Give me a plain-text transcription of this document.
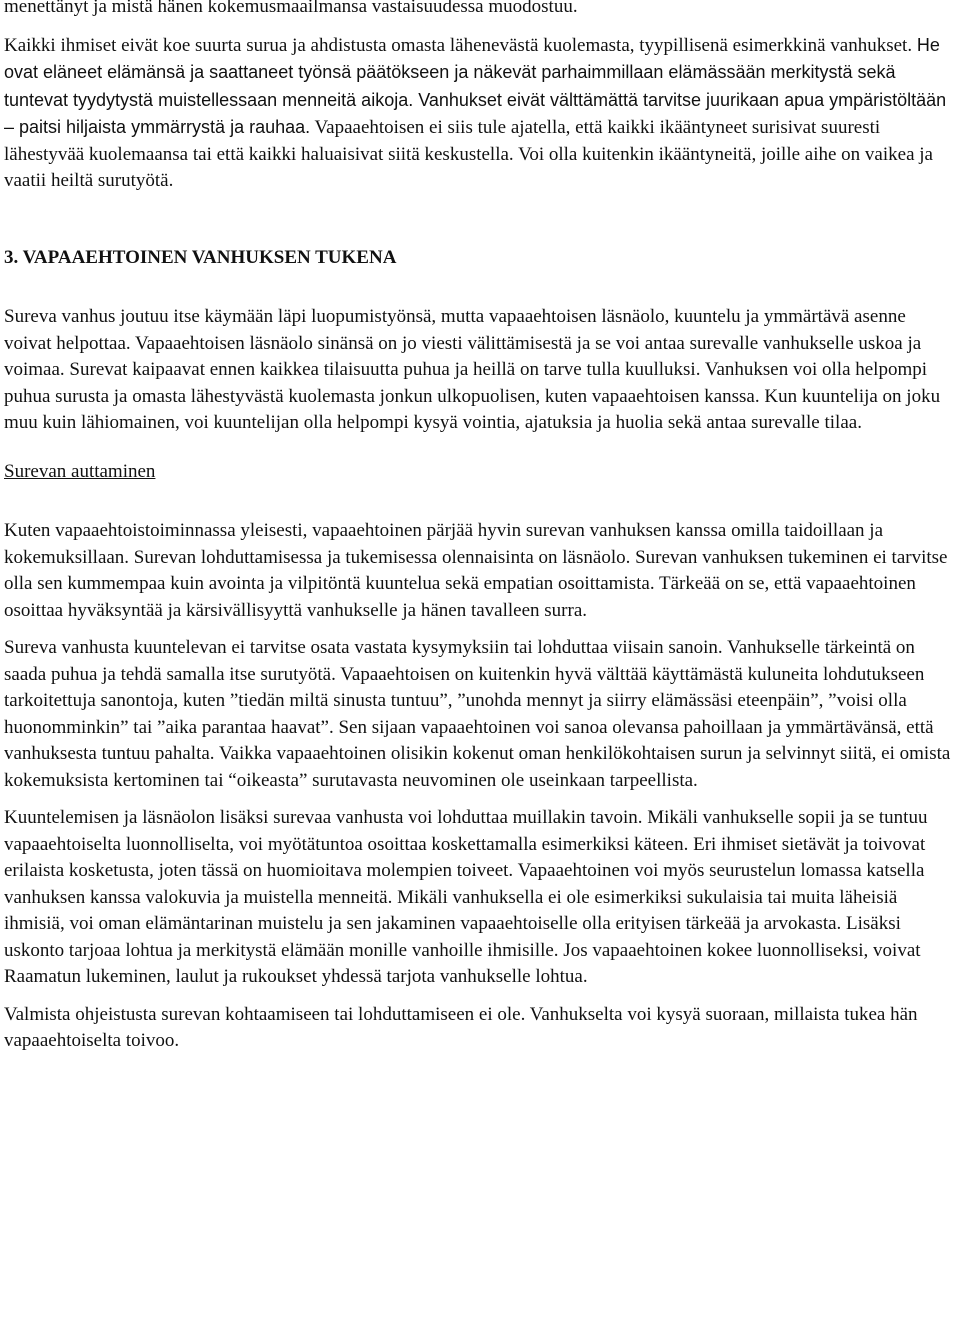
menettänyt ja mistä hänen kokemusmaailmansa vastaisuudessa muodostuu.

Kaikki ihmiset eivät koe suurta surua ja ahdistusta omasta lähenevästä kuolemasta, tyypillisenä esimerkkinä vanhukset. He ovat eläneet elämänsä ja saattaneet työnsä päätökseen ja näkevät parhaimmillaan elämässään merkitystä sekä tuntevat tyydytystä muistellessaan menneitä aikoja. Vanhukset eivät välttämättä tarvitse juurikaan apua ympäristöltään – paitsi hiljaista ymmärrystä ja rauhaa. Vapaaehtoisen ei siis tule ajatella, että kaikki ikääntyneet surisivat suuresti lähestyvää kuolemaansa tai että kaikki haluaisivat siitä keskustella. Voi olla kuitenkin ikääntyneitä, joille aihe on vaikea ja vaatii heiltä surutyötä.

3. VAPAAEHTOINEN VANHUKSEN TUKENA

Sureva vanhus joutuu itse käymään läpi luopumistyönsä, mutta vapaaehtoisen läsnäolo, kuuntelu ja ymmärtävä asenne voivat helpottaa. Vapaaehtoisen läsnäolo sinänsä on jo viesti välittämisestä ja se voi antaa surevalle vanhukselle uskoa ja voimaa. Surevat kaipaavat ennen kaikkea tilaisuutta puhua ja heillä on tarve tulla kuulluksi. Vanhuksen voi olla helpompi puhua surusta ja omasta lähestyvästä kuolemasta jonkun ulkopuolisen, kuten vapaaehtoisen kanssa. Kun kuuntelija on joku muu kuin lähiomainen, voi kuuntelijan olla helpompi kysyä vointia, ajatuksia ja huolia sekä antaa surevalle tilaa.

Surevan auttaminen

Kuten vapaaehtoistoiminnassa yleisesti, vapaaehtoinen pärjää hyvin surevan vanhuksen kanssa omilla taidoillaan ja kokemuksillaan. Surevan lohduttamisessa ja tukemisessa olennaisinta on läsnäolo. Surevan vanhuksen tukeminen ei tarvitse olla sen kummempaa kuin avointa ja vilpitöntä kuuntelua sekä empatian osoittamista. Tärkeää on se, että vapaaehtoinen osoittaa hyväksyntää ja kärsivällisyyttä vanhukselle ja hänen tavalleen surra.

Sureva vanhusta kuuntelevan ei tarvitse osata vastata kysymyksiin tai lohduttaa viisain sanoin. Vanhukselle tärkeintä on saada puhua ja tehdä samalla itse surutyötä. Vapaaehtoisen on kuitenkin hyvä välttää käyttämästä kuluneita lohdutukseen tarkoitettuja sanontoja, kuten ”tiedän miltä sinusta tuntuu”, ”unohda mennyt ja siirry elämässäsi eteenpäin”, ”voisi olla huonomminkin” tai ”aika parantaa haavat”. Sen sijaan vapaaehtoinen voi sanoa olevansa pahoillaan ja ymmärtävänsä, että vanhuksesta tuntuu pahalta. Vaikka vapaaehtoinen olisikin kokenut oman henkilökohtaisen surun ja selvinnyt siitä, ei omista kokemuksista kertominen tai “oikeasta” surutavasta neuvominen ole useinkaan tarpeellista.

Kuuntelemisen ja läsnäolon lisäksi surevaa vanhusta voi lohduttaa muillakin tavoin. Mikäli vanhukselle sopii ja se tuntuu vapaaehtoiselta luonnolliselta, voi myötätuntoa osoittaa koskettamalla esimerkiksi käteen. Eri ihmiset sietävät ja toivovat erilaista kosketusta, joten tässä on huomioitava molempien toiveet. Vapaaehtoinen voi myös seurustelun lomassa katsella vanhuksen kanssa valokuvia ja muistella menneitä. Mikäli vanhuksella ei ole esimerkiksi sukulaisia tai muita läheisiä ihmisiä, voi oman elämäntarinan muistelu ja sen jakaminen vapaaehtoiselle olla erityisen tärkeää ja arvokasta. Lisäksi uskonto tarjoaa lohtua ja merkitystä elämään monille vanhoille ihmisille. Jos vapaaehtoinen kokee luonnolliseksi, voivat Raamatun lukeminen, laulut ja rukoukset yhdessä tarjota vanhukselle lohtua.

Valmista ohjeistusta surevan kohtaamiseen tai lohduttamiseen ei ole. Vanhukselta voi kysyä suoraan, millaista tukea hän vapaaehtoiselta toivoo.
